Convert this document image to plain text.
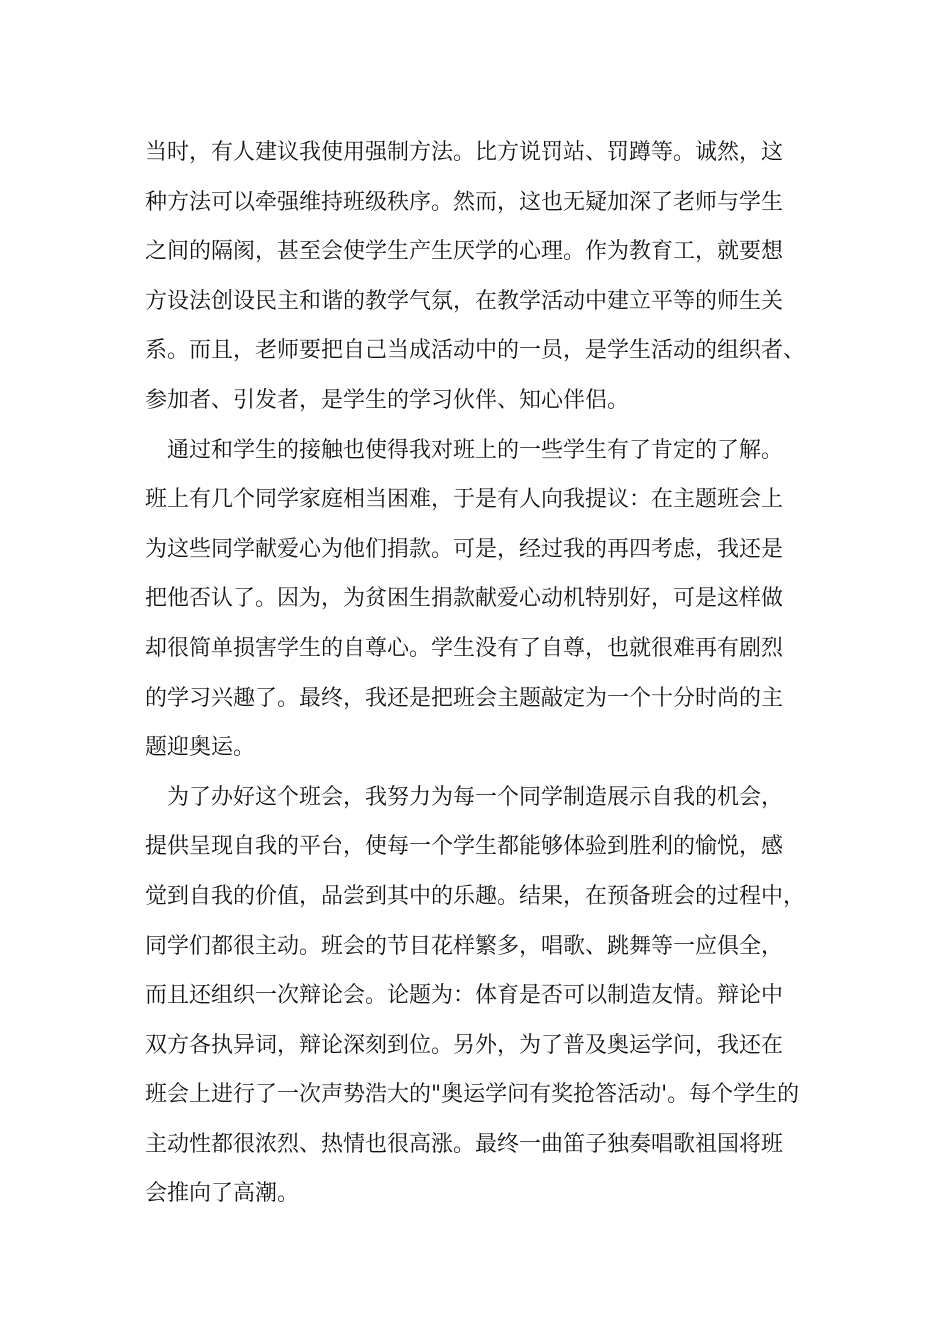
当时，有人建议我使用强制方法。比方说罚站、罚蹲等。诚然，这
种方法可以牵强维持班级秩序。然而，这也无疑加深了老师与学生
之间的隔阂，甚至会使学生产生厌学的心理。作为教育工，就要想
方设法创设民主和谐的教学气氛，在教学活动中建立平等的师生关
系。而且，老师要把自己当成活动中的一员，是学生活动的组织者、
参加者、引发者，是学生的学习伙伴、知心伴侣。
通过和学生的接触也使得我对班上的一些学生有了肯定的了解。
班上有几个同学家庭相当困难，于是有人向我提议：在主题班会上
为这些同学献爱心为他们捐款。可是，经过我的再四考虑，我还是
把他否认了。因为，为贫困生捐款献爱心动机特别好，可是这样做
却很简单损害学生的自尊心。学生没有了自尊，也就很难再有剧烈
的学习兴趣了。最终，我还是把班会主题敲定为一个十分时尚的主
题迎奥运。
为了办好这个班会，我努力为每一个同学制造展示自我的机会，
提供呈现自我的平台，使每一个学生都能够体验到胜利的愉悦，感
觉到自我的价值，品尝到其中的乐趣。结果，在预备班会的过程中，
同学们都很主动。班会的节目花样繁多，唱歌、跳舞等一应俱全，
而且还组织一次辩论会。论题为：体育是否可以制造友情。辩论中
双方各执异词，辩论深刻到位。另外，为了普及奥运学问，我还在
班会上进行了一次声势浩大的"奥运学问有奖抢答活动'。每个学生的
主动性都很浓烈、热情也很高涨。最终一曲笛子独奏唱歌祖国将班
会推向了高潮。
